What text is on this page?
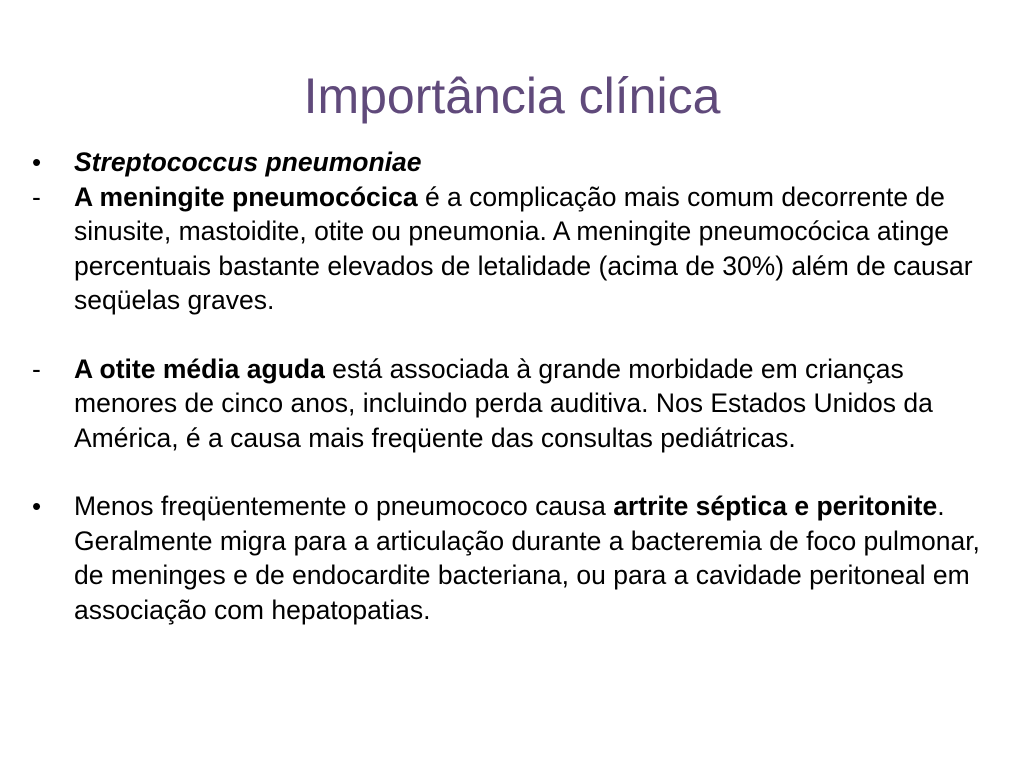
Importância clínica
•	Streptococcus pneumoniae
-	A meningite pneumocócica é a complicação mais comum decorrente de sinusite, mastoidite, otite ou pneumonia. A meningite pneumocócica atinge percentuais bastante elevados de letalidade (acima de 30%) além de causar seqüelas graves.
-	A otite média aguda está associada à grande morbidade em crianças menores de cinco anos, incluindo perda auditiva. Nos Estados Unidos da América, é a causa mais freqüente das consultas pediátricas.
•	Menos freqüentemente o pneumococo causa artrite séptica e peritonite. Geralmente migra para a articulação durante a bacteremia de foco pulmonar, de meninges e de endocardite bacteriana, ou para a cavidade peritoneal em associação com hepatopatias.
